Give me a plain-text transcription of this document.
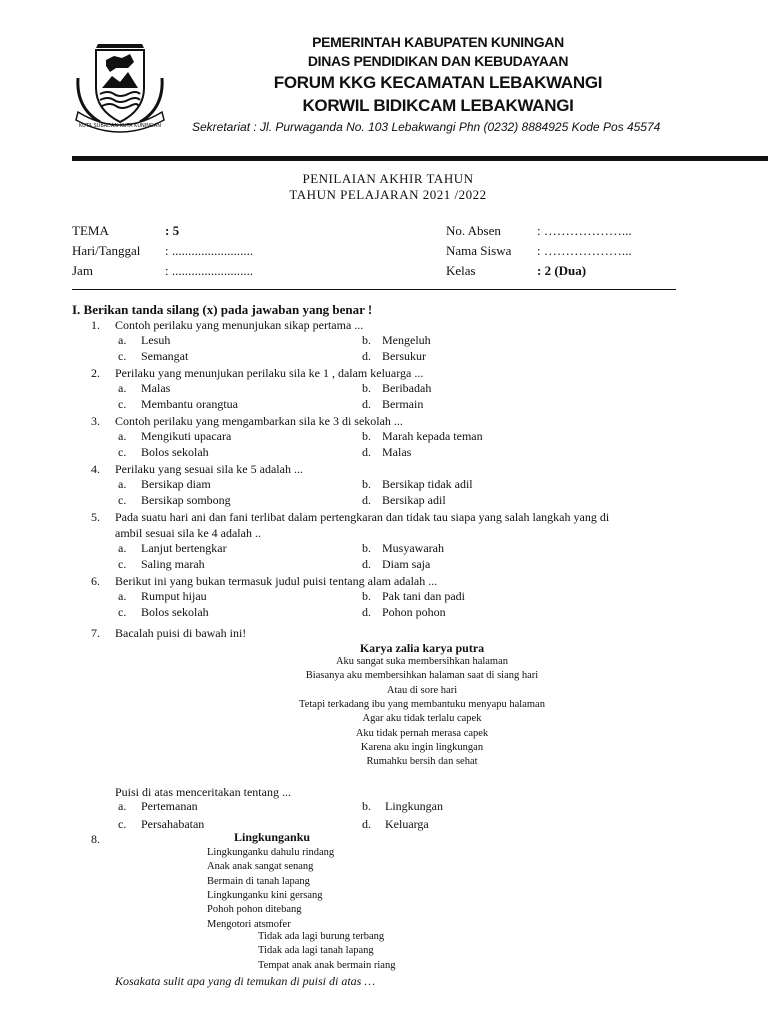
KUTA SUBADAN KUTA KUNINGAN
PEMERINTAH KABUPATEN KUNINGAN
DINAS PENDIDIKAN DAN KEBUDAYAAN
FORUM KKG KECAMATAN LEBAKWANGI
KORWIL BIDIKCAM LEBAKWANGI
Sekretariat : Jl. Purwaganda No. 103 Lebakwangi Phn (0232) 8884925 Kode Pos 45574
PENILAIAN AKHIR TAHUN
TAHUN PELAJARAN 2021 /2022
TEMA	: 5
Hari/Tanggal : .........................
Jam	: .........................
No. Absen	: ………………...
Nama Siswa : ………………...
Kelas	: 2 (Dua)
I. Berikan tanda silang (x) pada jawaban yang benar !
1. Contoh perilaku yang menunjukan sikap pertama ...
a. Lesuh	b. Mengeluh
c. Semangat	d. Bersukur
2. Perilaku yang menunjukan perilaku sila ke 1 , dalam keluarga ...
a. Malas	b. Beribadah
c. Membantu orangtua	d. Bermain
3. Contoh perilaku yang mengambarkan sila ke 3 di sekolah ...
a. Mengikuti upacara	b. Marah kepada teman
c. Bolos sekolah	d. Malas
4. Perilaku yang sesuai sila ke 5 adalah ...
a. Bersikap diam	b. Bersikap tidak adil
c. Bersikap sombong	d. Bersikap adil
5. Pada suatu hari ani dan fani terlibat dalam pertengkaran dan tidak tau siapa yang salah langkah yang di
ambil sesuai sila ke 4 adalah ..
a. Lanjut bertengkar	b. Musyawarah
c. Saling marah	d. Diam saja
6. Berikut ini yang bukan termasuk judul puisi tentang alam adalah ...
a. Rumput hijau	b. Pak tani dan padi
c. Bolos sekolah	d. Pohon pohon
7. Bacalah puisi di bawah ini!
Karya zalia karya putra
Aku sangat suka membersihkan halaman
Biasanya aku membersihkan halaman saat di siang hari
Atau di sore hari
Tetapi terkadang ibu yang membantuku menyapu halaman
Agar aku tidak terlalu capek
Aku tidak pernah merasa capek
Karena aku ingin lingkungan
Rumahku bersih dan sehat
Puisi di atas menceritakan tentang ...
a. Pertemanan	b. Lingkungan
c. Persahabatan	d. Keluarga
8.	Lingkunganku
Lingkunganku dahulu rindang
Anak anak sangat senang
Bermain di tanah lapang
Lingkunganku kini gersang
Pohoh pohon ditebang
Mengotori atsmofer
Tidak ada lagi burung terbang
Tidak ada lagi tanah lapang
Tempat anak anak bermain riang
Kosakata sulit apa yang di temukan di puisi di atas …
